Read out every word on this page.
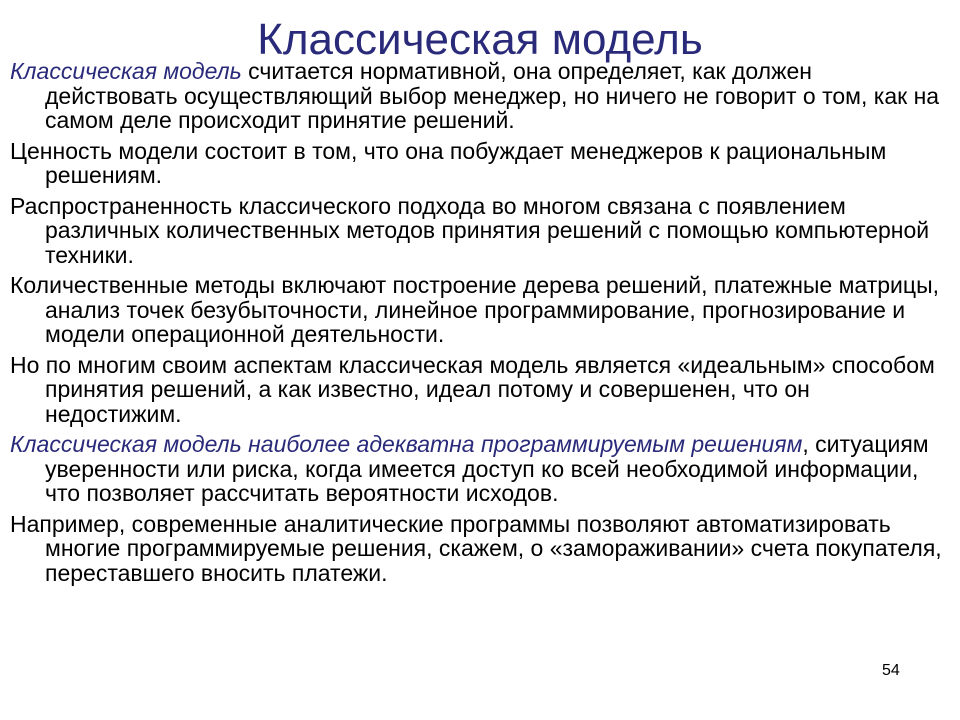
Классическая модель

Классическая модель считается нормативной, она определяет, как должен действовать осуществляющий выбор менеджер, но ничего не говорит о том, как на самом деле происходит принятие решений.

Ценность модели состоит в том, что она побуждает менеджеров к рациональным решениям.

Распространенность классического подхода во многом связана с появлением различных количественных методов принятия решений с помощью компьютерной техники.

Количественные методы включают построение дерева решений, платежные матрицы, анализ точек безубыточности, линейное программирование, прогнозирование и модели операционной деятельности.

Но по многим своим аспектам классическая модель является «идеальным» способом принятия решений, а как известно, идеал потому и совершенен, что он недостижим.

Классическая модель наиболее адекватна программируемым решениям, ситуациям уверенности или риска, когда имеется доступ ко всей необходимой информации, что позволяет рассчитать вероятности исходов.

Например, современные аналитические программы позволяют автоматизировать многие программируемые решения, скажем, о «замораживании» счета покупателя, переставшего вносить платежи.

54
